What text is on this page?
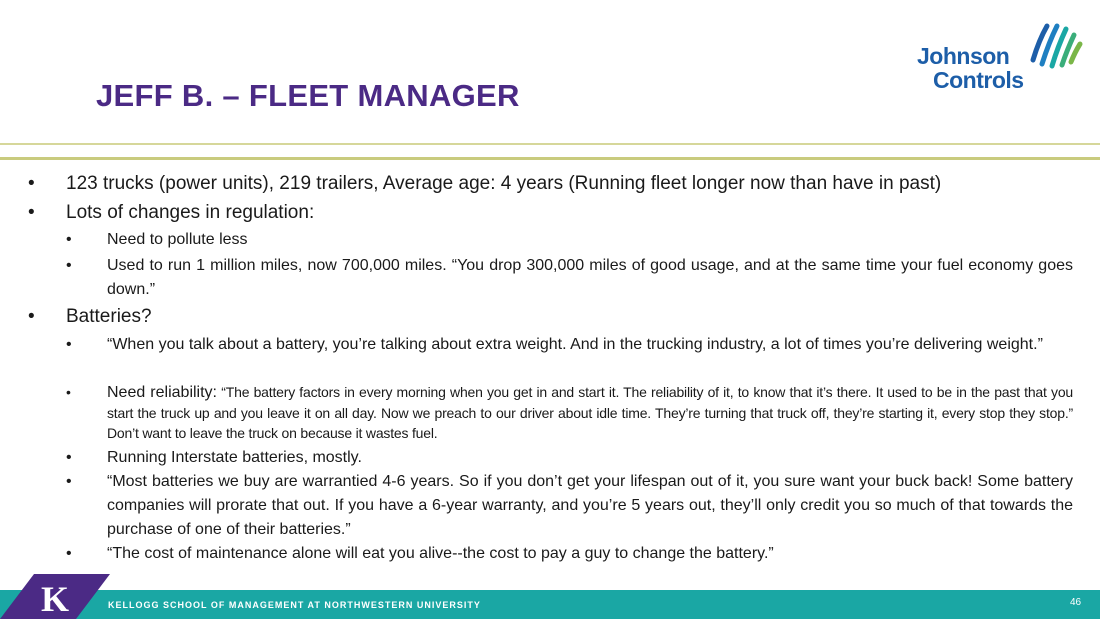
JEFF B. – FLEET MANAGER
Johnson
Controls
• 123 trucks (power units), 219 trailers, Average age: 4 years (Running fleet longer now than have in past)
• Lots of changes in regulation:
• Need to pollute less
• Used to run 1 million miles, now 700,000 miles. “You drop 300,000 miles of good usage, and at the same time your fuel economy goes down.”
• Batteries?
• “When you talk about a battery, you’re talking about extra weight. And in the trucking industry, a lot of times you’re delivering weight.”
• Need reliability: “The battery factors in every morning when you get in and start it. The reliability of it, to know that it’s there. It used to be in the past that you start the truck up and you leave it on all day. Now we preach to our driver about idle time. They’re turning that truck off, they’re starting it, every stop they stop.” Don’t want to leave the truck on because it wastes fuel.
• Running Interstate batteries, mostly.
• “Most batteries we buy are warrantied 4-6 years. So if you don’t get your lifespan out of it, you sure want your buck back! Some battery companies will prorate that out. If you have a 6-year warranty, and you’re 5 years out, they’ll only credit you so much of that towards the purchase of one of their batteries.”
• “The cost of maintenance alone will eat you alive--the cost to pay a guy to change the battery.”
K	KELLOGG SCHOOL OF MANAGEMENT AT NORTHWESTERN UNIVERSITY	46
